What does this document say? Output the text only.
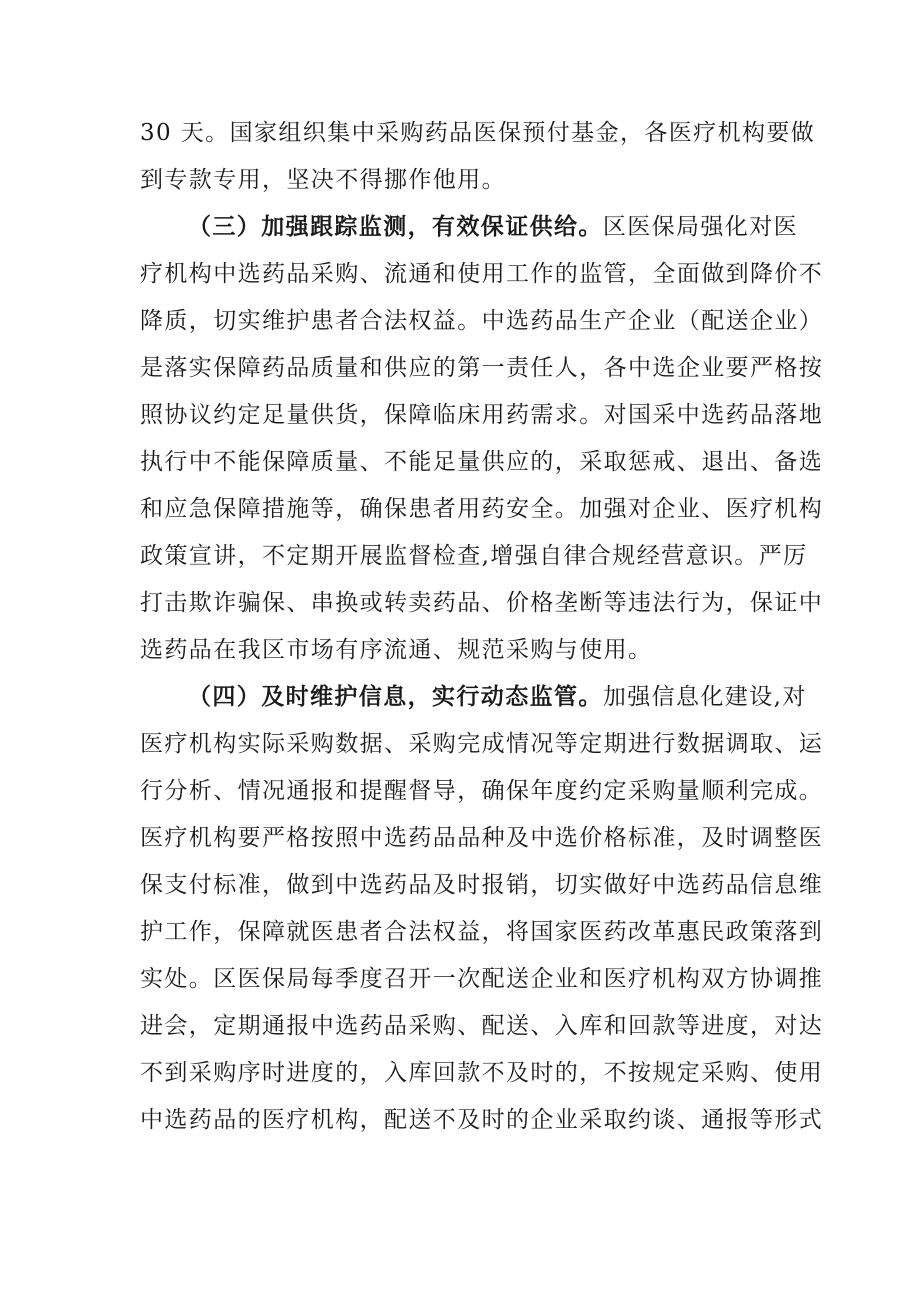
30 天。国家组织集中采购药品医保预付基金，各医疗机构要做
到专款专用，坚决不得挪作他用。
（三）加强跟踪监测，有效保证供给。区医保局强化对医
疗机构中选药品采购、流通和使用工作的监管，全面做到降价不
降质，切实维护患者合法权益。中选药品生产企业（配送企业）
是落实保障药品质量和供应的第一责任人，各中选企业要严格按
照协议约定足量供货，保障临床用药需求。对国采中选药品落地
执行中不能保障质量、不能足量供应的，采取惩戒、退出、备选
和应急保障措施等，确保患者用药安全。加强对企业、医疗机构
政策宣讲，不定期开展监督检查,增强自律合规经营意识。严厉
打击欺诈骗保、串换或转卖药品、价格垄断等违法行为，保证中
选药品在我区市场有序流通、规范采购与使用。
（四）及时维护信息，实行动态监管。加强信息化建设,对
医疗机构实际采购数据、采购完成情况等定期进行数据调取、运
行分析、情况通报和提醒督导，确保年度约定采购量顺利完成。
医疗机构要严格按照中选药品品种及中选价格标准，及时调整医
保支付标准，做到中选药品及时报销，切实做好中选药品信息维
护工作，保障就医患者合法权益，将国家医药改革惠民政策落到
实处。区医保局每季度召开一次配送企业和医疗机构双方协调推
进会，定期通报中选药品采购、配送、入库和回款等进度，对达
不到采购序时进度的，入库回款不及时的，不按规定采购、使用
中选药品的医疗机构，配送不及时的企业采取约谈、通报等形式
